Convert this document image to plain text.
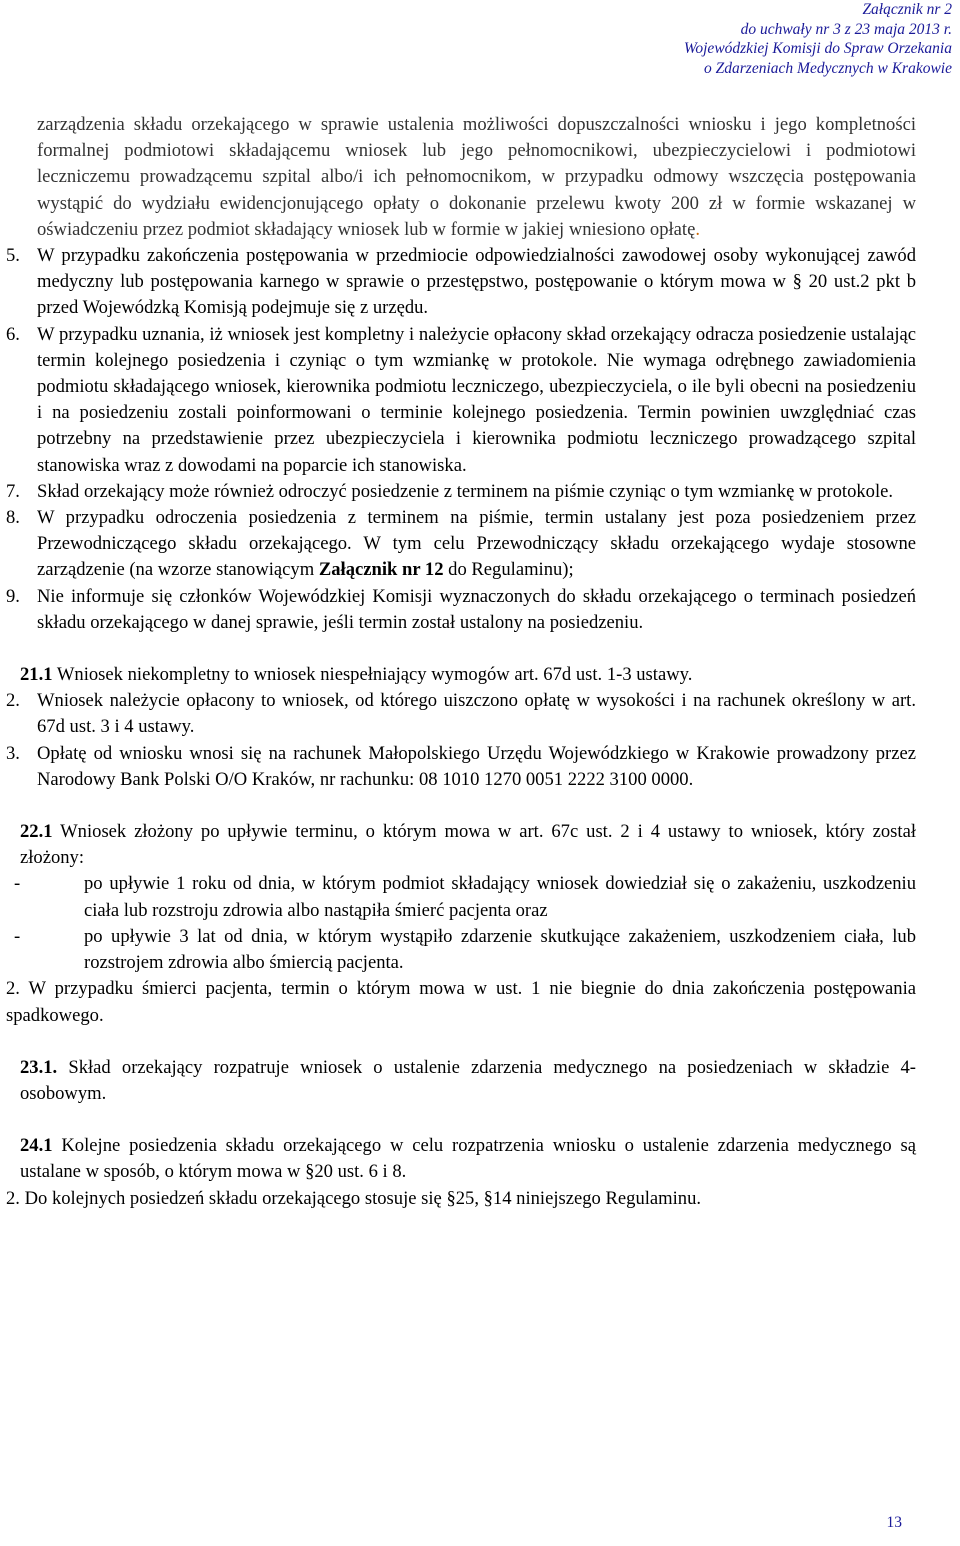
Załącznik nr 2
do uchwały nr 3 z 23 maja 2013 r.
Wojewódzkiej Komisji do Spraw Orzekania
o Zdarzeniach Medycznych w Krakowie
zarządzenia składu orzekającego w sprawie ustalenia możliwości dopuszczalności wniosku i jego kompletności formalnej podmiotowi składającemu wniosek lub jego pełnomocnikowi, ubezpieczycielowi i podmiotowi leczniczemu prowadzącemu szpital albo/i ich pełnomocnikom, w przypadku odmowy wszczęcia postępowania wystąpić do wydziału ewidencjonującego opłaty o dokonanie przelewu kwoty 200 zł w formie wskazanej w oświadczeniu przez podmiot składający wniosek lub w formie w jakiej wniesiono opłatę.
5. W przypadku zakończenia postępowania w przedmiocie odpowiedzialności zawodowej osoby wykonującej zawód medyczny lub postępowania karnego w sprawie o przestępstwo, postępowanie o którym mowa w § 20 ust.2 pkt b przed Wojewódzką Komisją podejmuje się z urzędu.
6. W przypadku uznania, iż wniosek jest kompletny i należycie opłacony skład orzekający odracza posiedzenie ustalając termin kolejnego posiedzenia i czyniąc o tym wzmiankę w protokole. Nie wymaga odrębnego zawiadomienia podmiotu składającego wniosek, kierownika podmiotu leczniczego, ubezpieczyciela, o ile byli obecni na posiedzeniu i na posiedzeniu zostali poinformowani o terminie kolejnego posiedzenia. Termin powinien uwzględniać czas potrzebny na przedstawienie przez ubezpieczyciela i kierownika podmiotu leczniczego prowadzącego szpital stanowiska wraz z dowodami na poparcie ich stanowiska.
7. Skład orzekający może również odroczyć posiedzenie z terminem na piśmie czyniąc o tym wzmiankę w protokole.
8. W przypadku odroczenia posiedzenia z terminem na piśmie, termin ustalany jest poza posiedzeniem przez Przewodniczącego składu orzekającego. W tym celu Przewodniczący składu orzekającego wydaje stosowne zarządzenie (na wzorze stanowiącym Załącznik nr 12 do Regulaminu);
9. Nie informuje się członków Wojewódzkiej Komisji wyznaczonych do składu orzekającego o terminach posiedzeń składu orzekającego w danej sprawie, jeśli termin został ustalony na posiedzeniu.
21.1 Wniosek niekompletny to wniosek niespełniający wymogów art. 67d ust. 1-3 ustawy.
2. Wniosek należycie opłacony to wniosek, od którego uiszczono opłatę w wysokości i na rachunek określony w art. 67d ust. 3 i 4 ustawy.
3. Opłatę od wniosku wnosi się na rachunek Małopolskiego Urzędu Wojewódzkiego w Krakowie prowadzony przez Narodowy Bank Polski O/O Kraków, nr rachunku: 08 1010 1270 0051 2222 3100 0000.
22.1 Wniosek złożony po upływie terminu, o którym mowa w art. 67c ust. 2 i 4 ustawy to wniosek, który został złożony:
-	po upływie 1 roku od dnia, w którym podmiot składający wniosek dowiedział się o zakażeniu, uszkodzeniu ciała lub rozstroju zdrowia albo nastąpiła śmierć pacjenta oraz
-	po upływie 3 lat od dnia, w którym wystąpiło zdarzenie skutkujące zakażeniem, uszkodzeniem ciała, lub rozstrojem zdrowia albo śmiercią pacjenta.
2. W przypadku śmierci pacjenta, termin o którym mowa w ust. 1 nie biegnie do dnia zakończenia postępowania spadkowego.
23.1. Skład orzekający rozpatruje wniosek o ustalenie zdarzenia medycznego na posiedzeniach w składzie 4-osobowym.
24.1 Kolejne posiedzenia składu orzekającego w celu rozpatrzenia wniosku o ustalenie zdarzenia medycznego są ustalane w sposób, o którym mowa w §20 ust. 6 i 8.
2. Do kolejnych posiedzeń składu orzekającego stosuje się §25, §14 niniejszego Regulaminu.
13
